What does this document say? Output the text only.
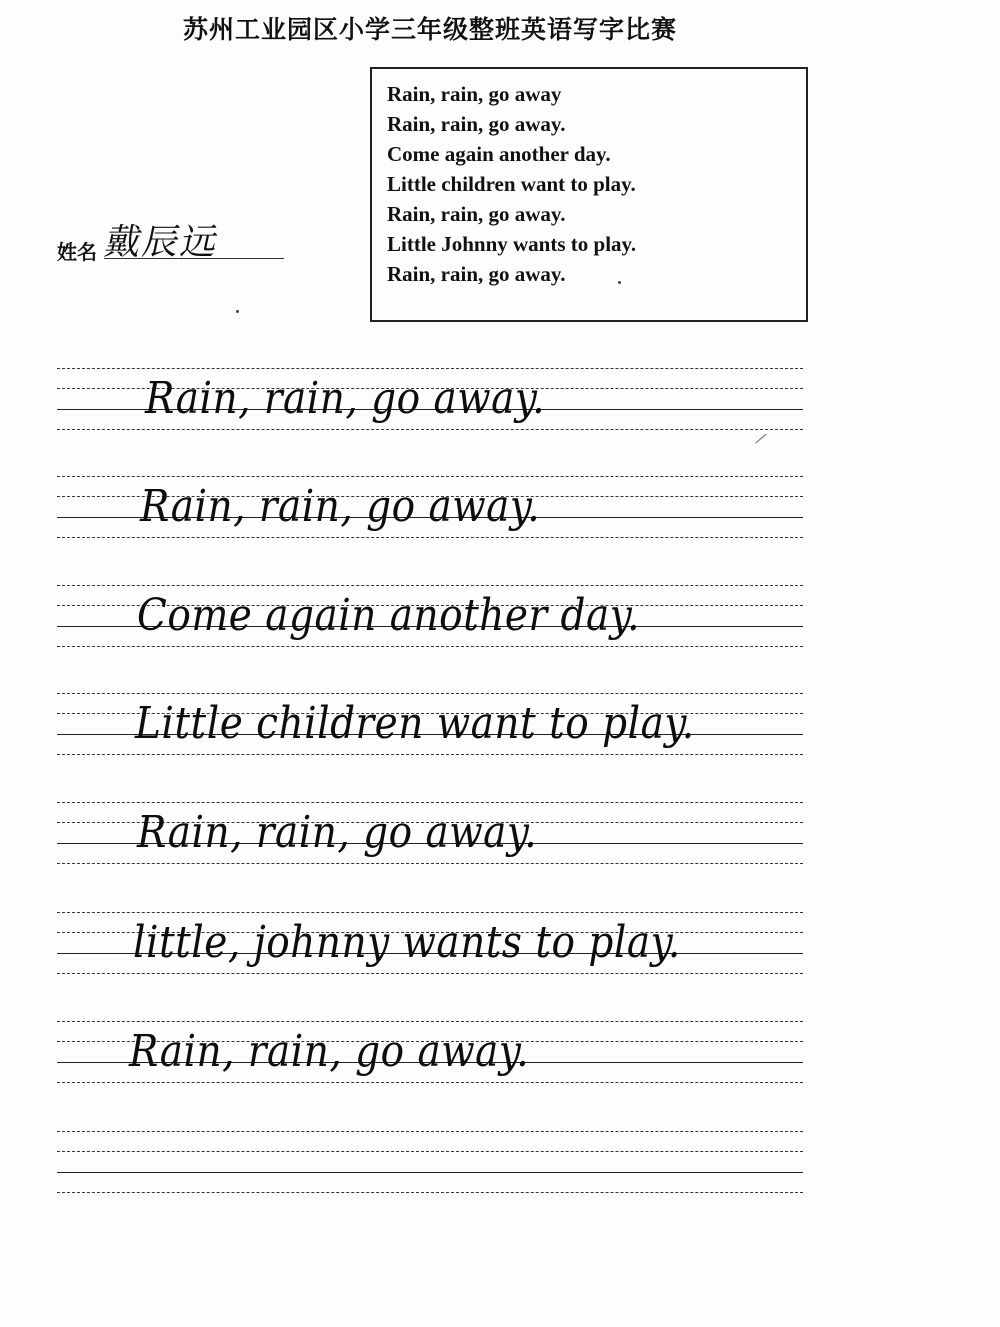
苏州工业园区小学三年级整班英语写字比赛
Rain, rain, go away
Rain, rain, go away.
Come again another day.
Little children want to play.
Rain, rain, go away.
Little Johnny wants to play.
Rain, rain, go away.
姓名 戴辰远
Rain, rain, go away.
Rain, rain, go away.
Come again another day.
Little children want to play.
Rain, rain, go away.
little, johnny wants to play.
Rain, rain, go away.
